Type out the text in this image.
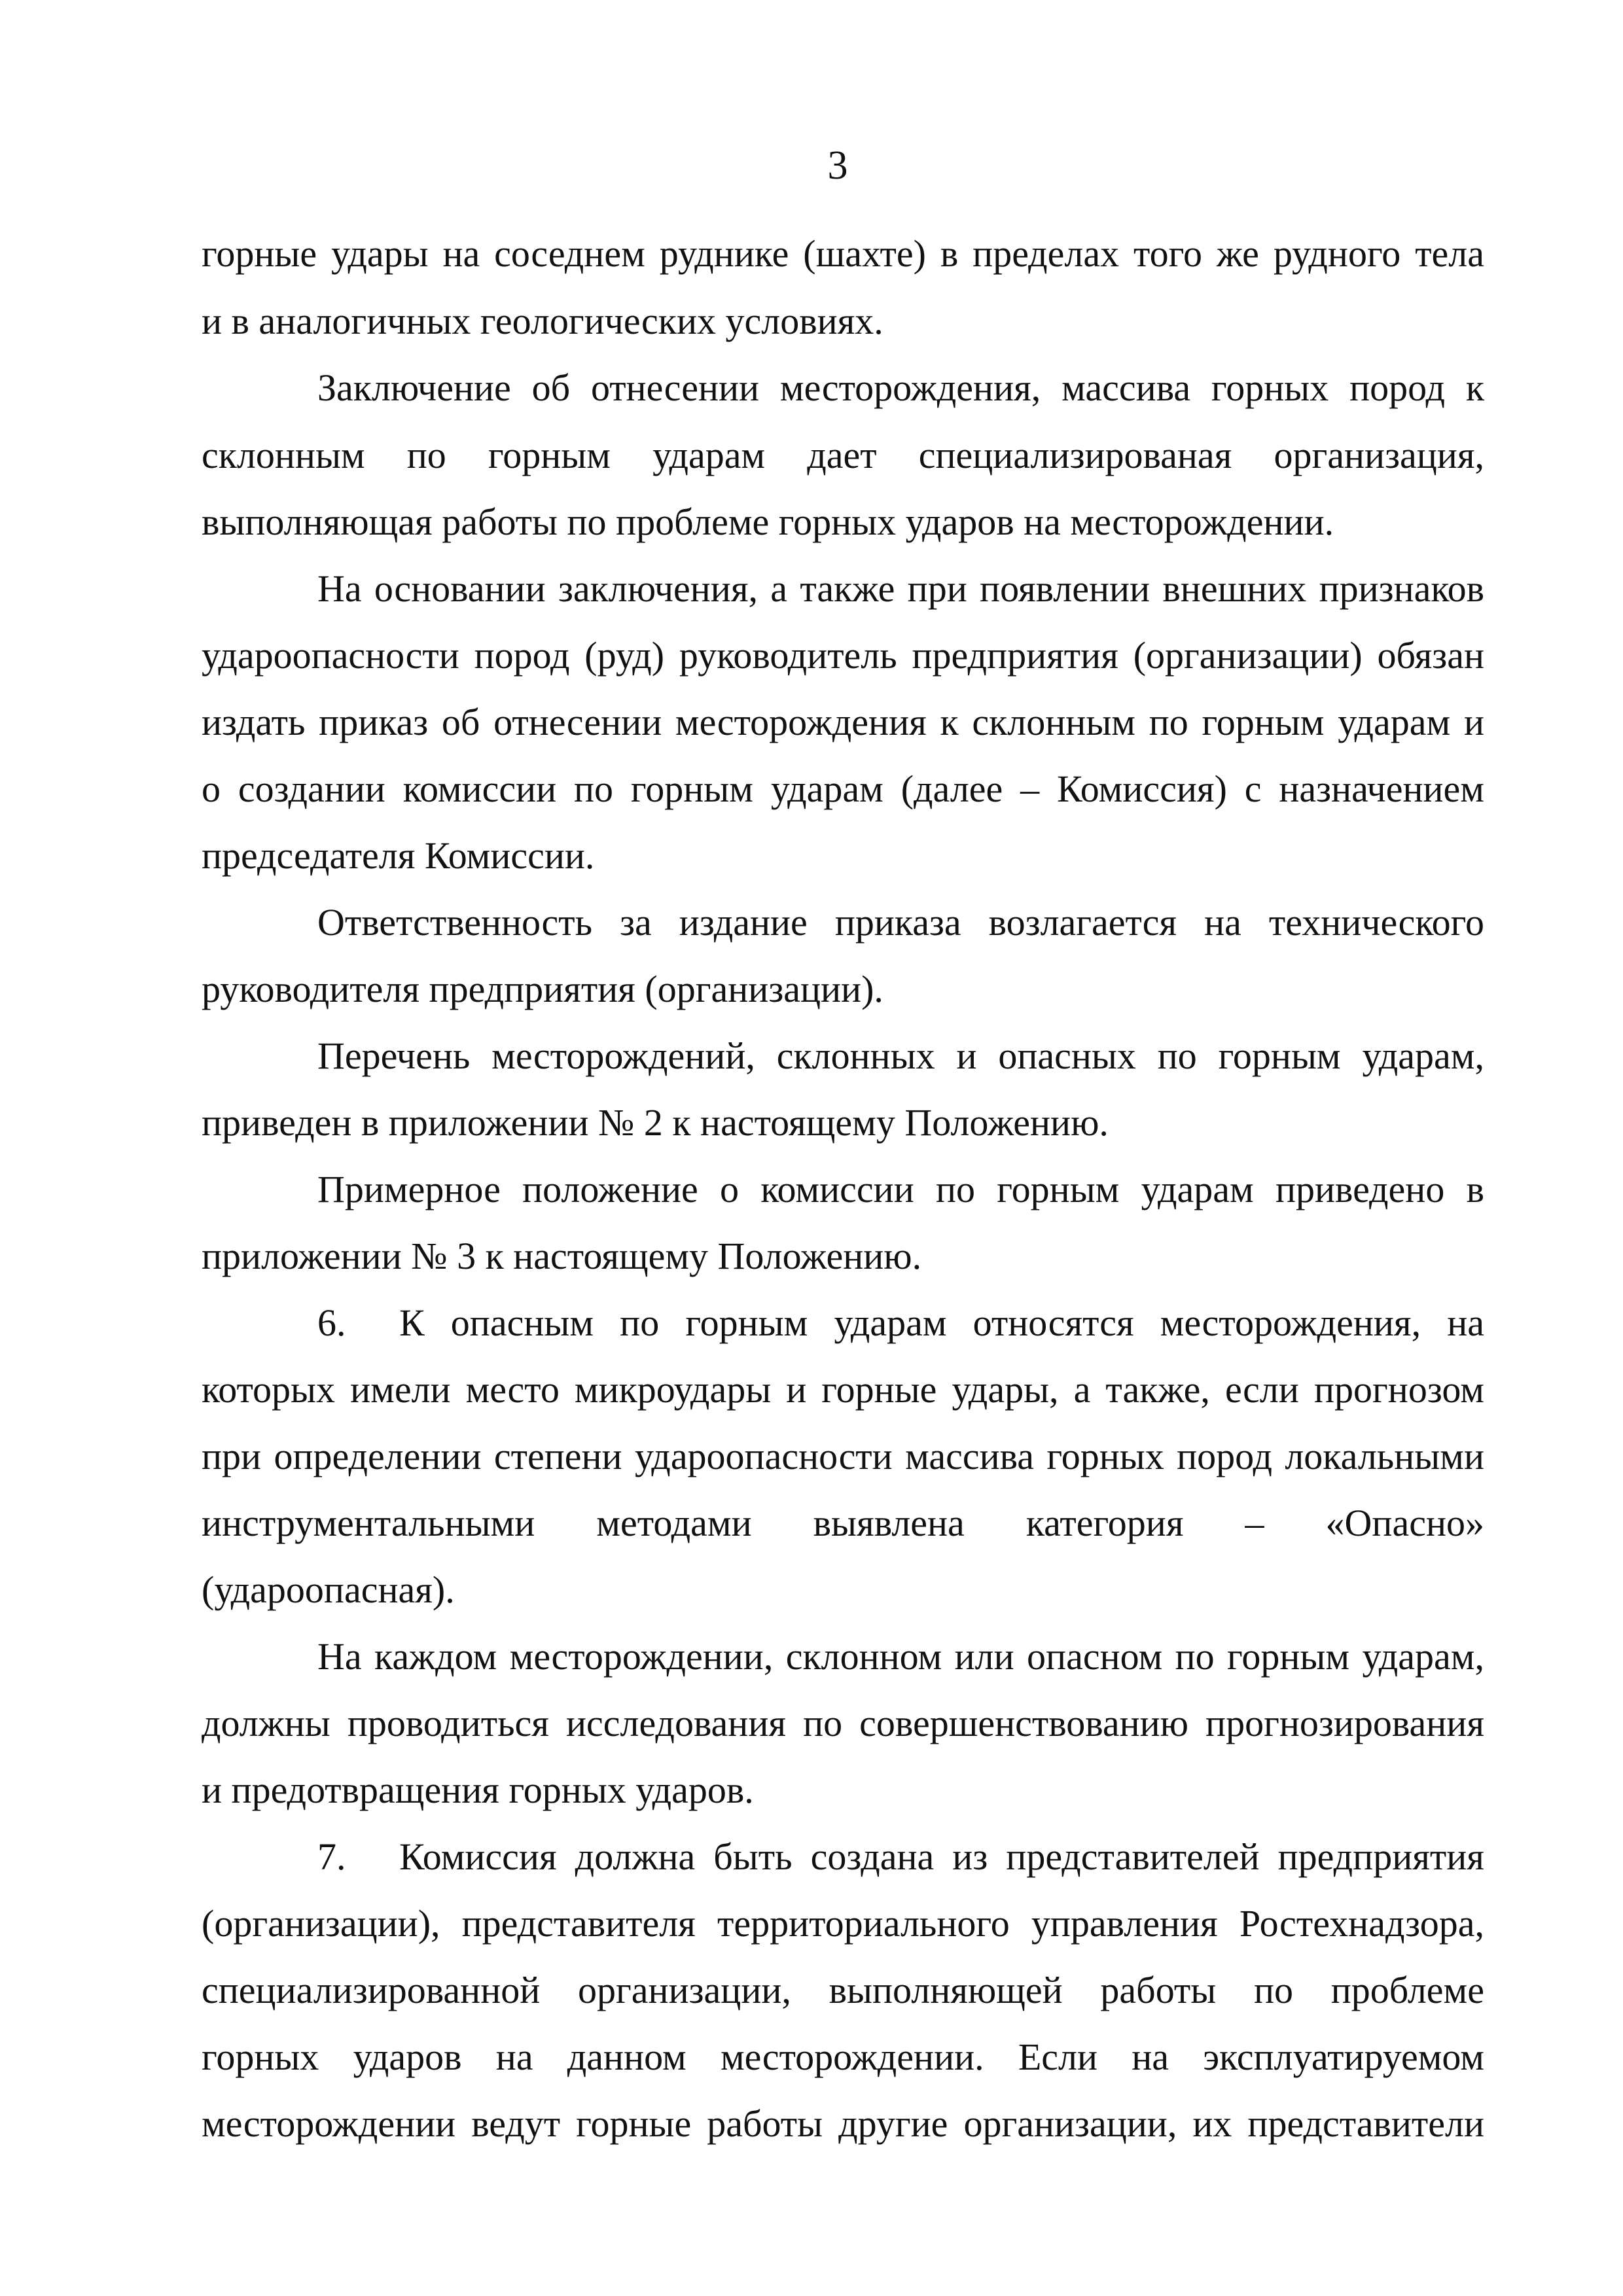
3
горные удары на соседнем руднике (шахте) в пределах того же рудного тела
и в аналогичных геологических условиях.
Заключение об отнесении месторождения, массива горных пород к
склонным по горным ударам дает специализированая организация,
выполняющая работы по проблеме горных ударов на месторождении.
На основании заключения, а также при появлении внешних признаков
удароопасности пород (руд) руководитель предприятия (организации) обязан
издать приказ об отнесении месторождения к склонным по горным ударам и
о создании комиссии по горным ударам (далее – Комиссия) с назначением
председателя Комиссии.
Ответственность за издание приказа возлагается на технического
руководителя предприятия (организации).
Перечень месторождений, склонных и опасных по горным ударам,
приведен в приложении № 2 к настоящему Положению.
Примерное положение о комиссии по горным ударам приведено в
приложении № 3 к настоящему Положению.
6. К опасным по горным ударам относятся месторождения, на
которых имели место микроудары и горные удары, а также, если прогнозом
при определении степени удароопасности массива горных пород локальными
инструментальными методами выявлена категория – «Опасно»
(удароопасная).
На каждом месторождении, склонном или опасном по горным ударам,
должны проводиться исследования по совершенствованию прогнозирования
и предотвращения горных ударов.
7. Комиссия должна быть создана из представителей предприятия
(организации), представителя территориального управления Ростехнадзора,
специализированной организации, выполняющей работы по проблеме
горных ударов на данном месторождении. Если на эксплуатируемом
месторождении ведут горные работы другие организации, их представители
